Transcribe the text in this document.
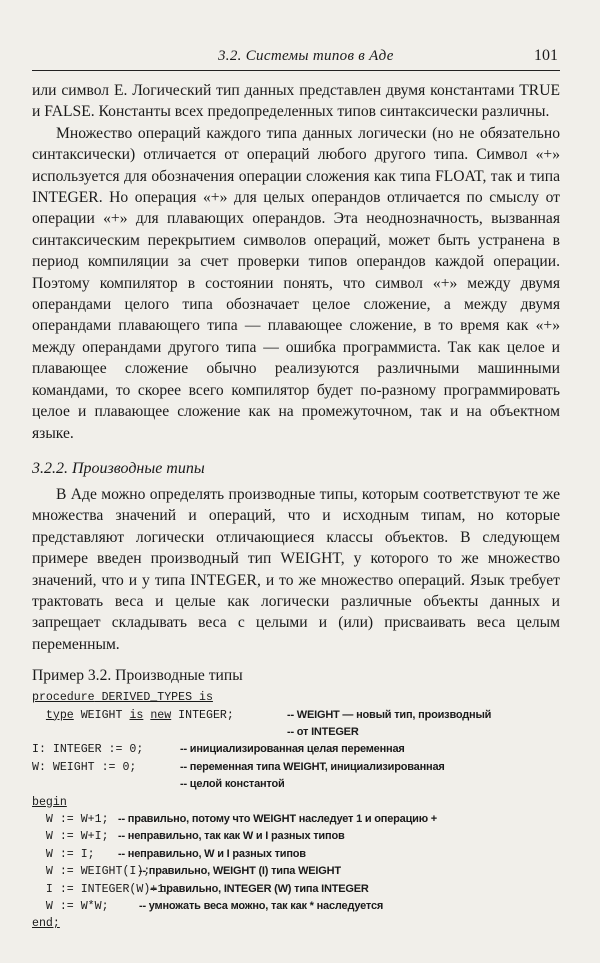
3.2. Системы типов в Аде	101

или символ E. Логический тип данных представлен двумя константами TRUE и FALSE. Константы всех предопределенных типов синтаксически различны.

Множество операций каждого типа данных логически (но не обязательно синтаксически) отличается от операций любого другого типа. Символ «+» используется для обозначения операции сложения как типа FLOAT, так и типа INTEGER. Но операция «+» для целых операндов отличается по смыслу от операции «+» для плавающих операндов. Эта неоднозначность, вызванная синтаксическим перекрытием символов операций, может быть устранена в период компиляции за счет проверки типов операндов каждой операции. Поэтому компилятор в состоянии понять, что символ «+» между двумя операндами целого типа обозначает целое сложение, а между двумя операндами плавающего типа — плавающее сложение, в то время как «+» между операндами другого типа — ошибка программиста. Так как целое и плавающее сложение обычно реализуются различными машинными командами, то скорее всего компилятор будет по-разному программировать целое и плавающее сложение как на промежуточном, так и на объектном языке.

3.2.2. Производные типы

В Аде можно определять производные типы, которым соответствуют те же множества значений и операций, что и исходным типам, но которые представляют логически отличающиеся классы объектов. В следующем примере введен производный тип WEIGHT, у которого то же множество значений, что и у типа INTEGER, и то же множество операций. Язык требует трактовать веса и целые как логически различные объекты данных и запрещает складывать веса с целыми и (или) присваивать веса целым переменным.

Пример 3.2. Производные типы
procedure DERIVED_TYPES is
type WEIGHT is new INTEGER;	-- WEIGHT — новый тип, производный
-- от INTEGER
I: INTEGER := 0;	-- инициализированная целая переменная
W: WEIGHT := 0;	-- переменная типа WEIGHT, инициализированная
-- целой константой
begin
W := W+1; -- правильно, потому что WEIGHT наследует 1 и операцию +
W := W+I; -- неправильно, так как W и I разных типов
W := I;	-- неправильно, W и I разных типов
W := WEIGHT(I);
-- правильно, WEIGHT (I) типа WEIGHT
I := INTEGER(W)+1;
-- правильно, INTEGER (W) типа INTEGER
W := W*W;	-- умножать веса можно, так как * наследуется
end;
